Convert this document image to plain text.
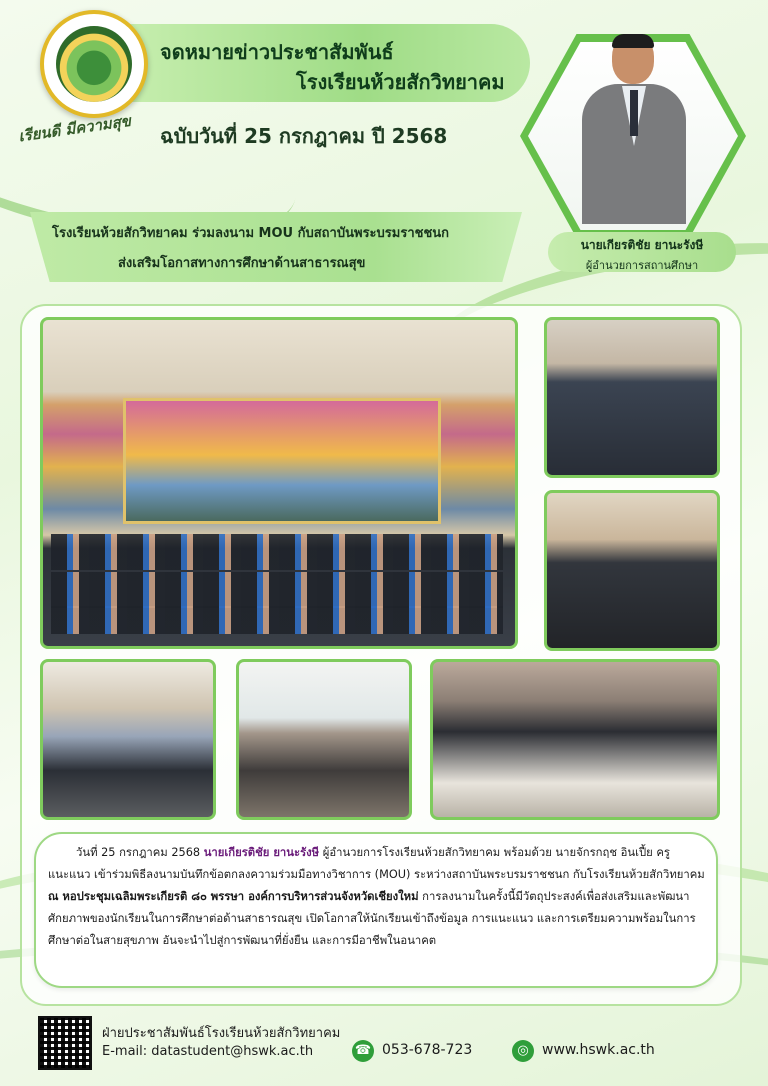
เรียนดี มีความสุข
จดหมายข่าวประชาสัมพันธ์
โรงเรียนห้วยสักวิทยาคม
ฉบับวันที่ 25 กรกฎาคม ปี 2568
นายเกียรติชัย ยานะรังษี
ผู้อำนวยการสถานศึกษา
โรงเรียนห้วยสักวิทยาคม ร่วมลงนาม MOU กับสถาบันพระบรมราชชนก
ส่งเสริมโอกาสทางการศึกษาด้านสาธารณสุข
วันที่ 25 กรกฎาคม 2568 นายเกียรติชัย ยานะรังษี ผู้อำนวยการโรงเรียนห้วยสักวิทยาคม พร้อมด้วย นายจักรกฤช อินเปี้ย ครูแนะแนว เข้าร่วมพิธีลงนามบันทึกข้อตกลงความร่วมมือทางวิชาการ (MOU) ระหว่างสถาบันพระบรมราชชนก กับโรงเรียนห้วยสักวิทยาคม ณ หอประชุมเฉลิมพระเกียรติ ๘๐ พรรษา องค์การบริหารส่วนจังหวัดเชียงใหม่ การลงนามในครั้งนี้มีวัตถุประสงค์เพื่อส่งเสริมและพัฒนาศักยภาพของนักเรียนในการศึกษาต่อด้านสาธารณสุข เปิดโอกาสให้นักเรียนเข้าถึงข้อมูล การแนะแนว และการเตรียมความพร้อมในการศึกษาต่อในสายสุขภาพ อันจะนำไปสู่การพัฒนาที่ยั่งยืน และการมีอาชีพในอนาคต
ฝ่ายประชาสัมพันธ์โรงเรียนห้วยสักวิทยาคม
E-mail: datastudent@hswk.ac.th	☎ 053-678-723	◎ www.hswk.ac.th
